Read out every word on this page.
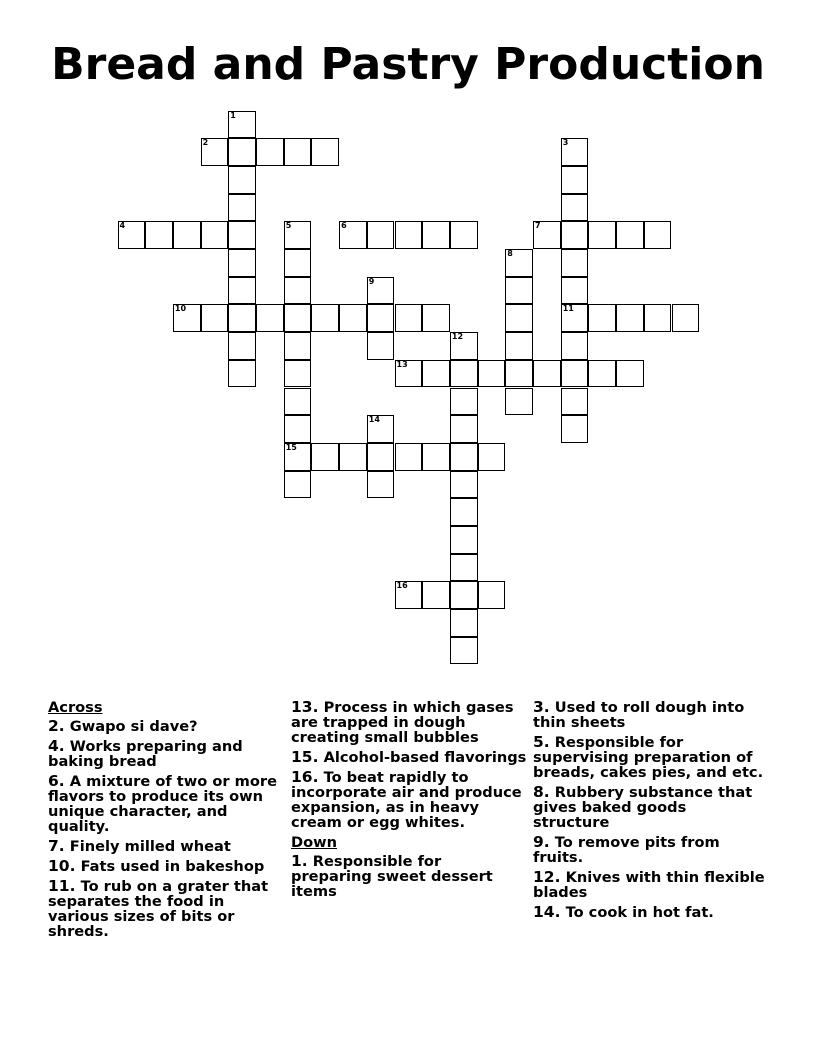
Bread and Pastry Production
1
2	3
11
4	5
15
6	7
8
9
10
12
13
14
16
Across
2. Gwapo si dave?
4. Works preparing and baking bread
6. A mixture of two or more flavors to produce its own unique character, and quality.
7. Finely milled wheat
10. Fats used in bakeshop
11. To rub on a grater that separates the food in various sizes of bits or shreds.
13. Process in which gases are trapped in dough creating small bubbles
15. Alcohol-based flavorings
16. To beat rapidly to incorporate air and produce expansion, as in heavy cream or egg whites.
Down
1. Responsible for preparing sweet dessert items
3. Used to roll dough into thin sheets
5. Responsible for supervising preparation of breads, cakes pies, and etc.
8. Rubbery substance that gives baked goods structure
9. To remove pits from fruits.
12. Knives with thin flexible blades
14. To cook in hot fat.
